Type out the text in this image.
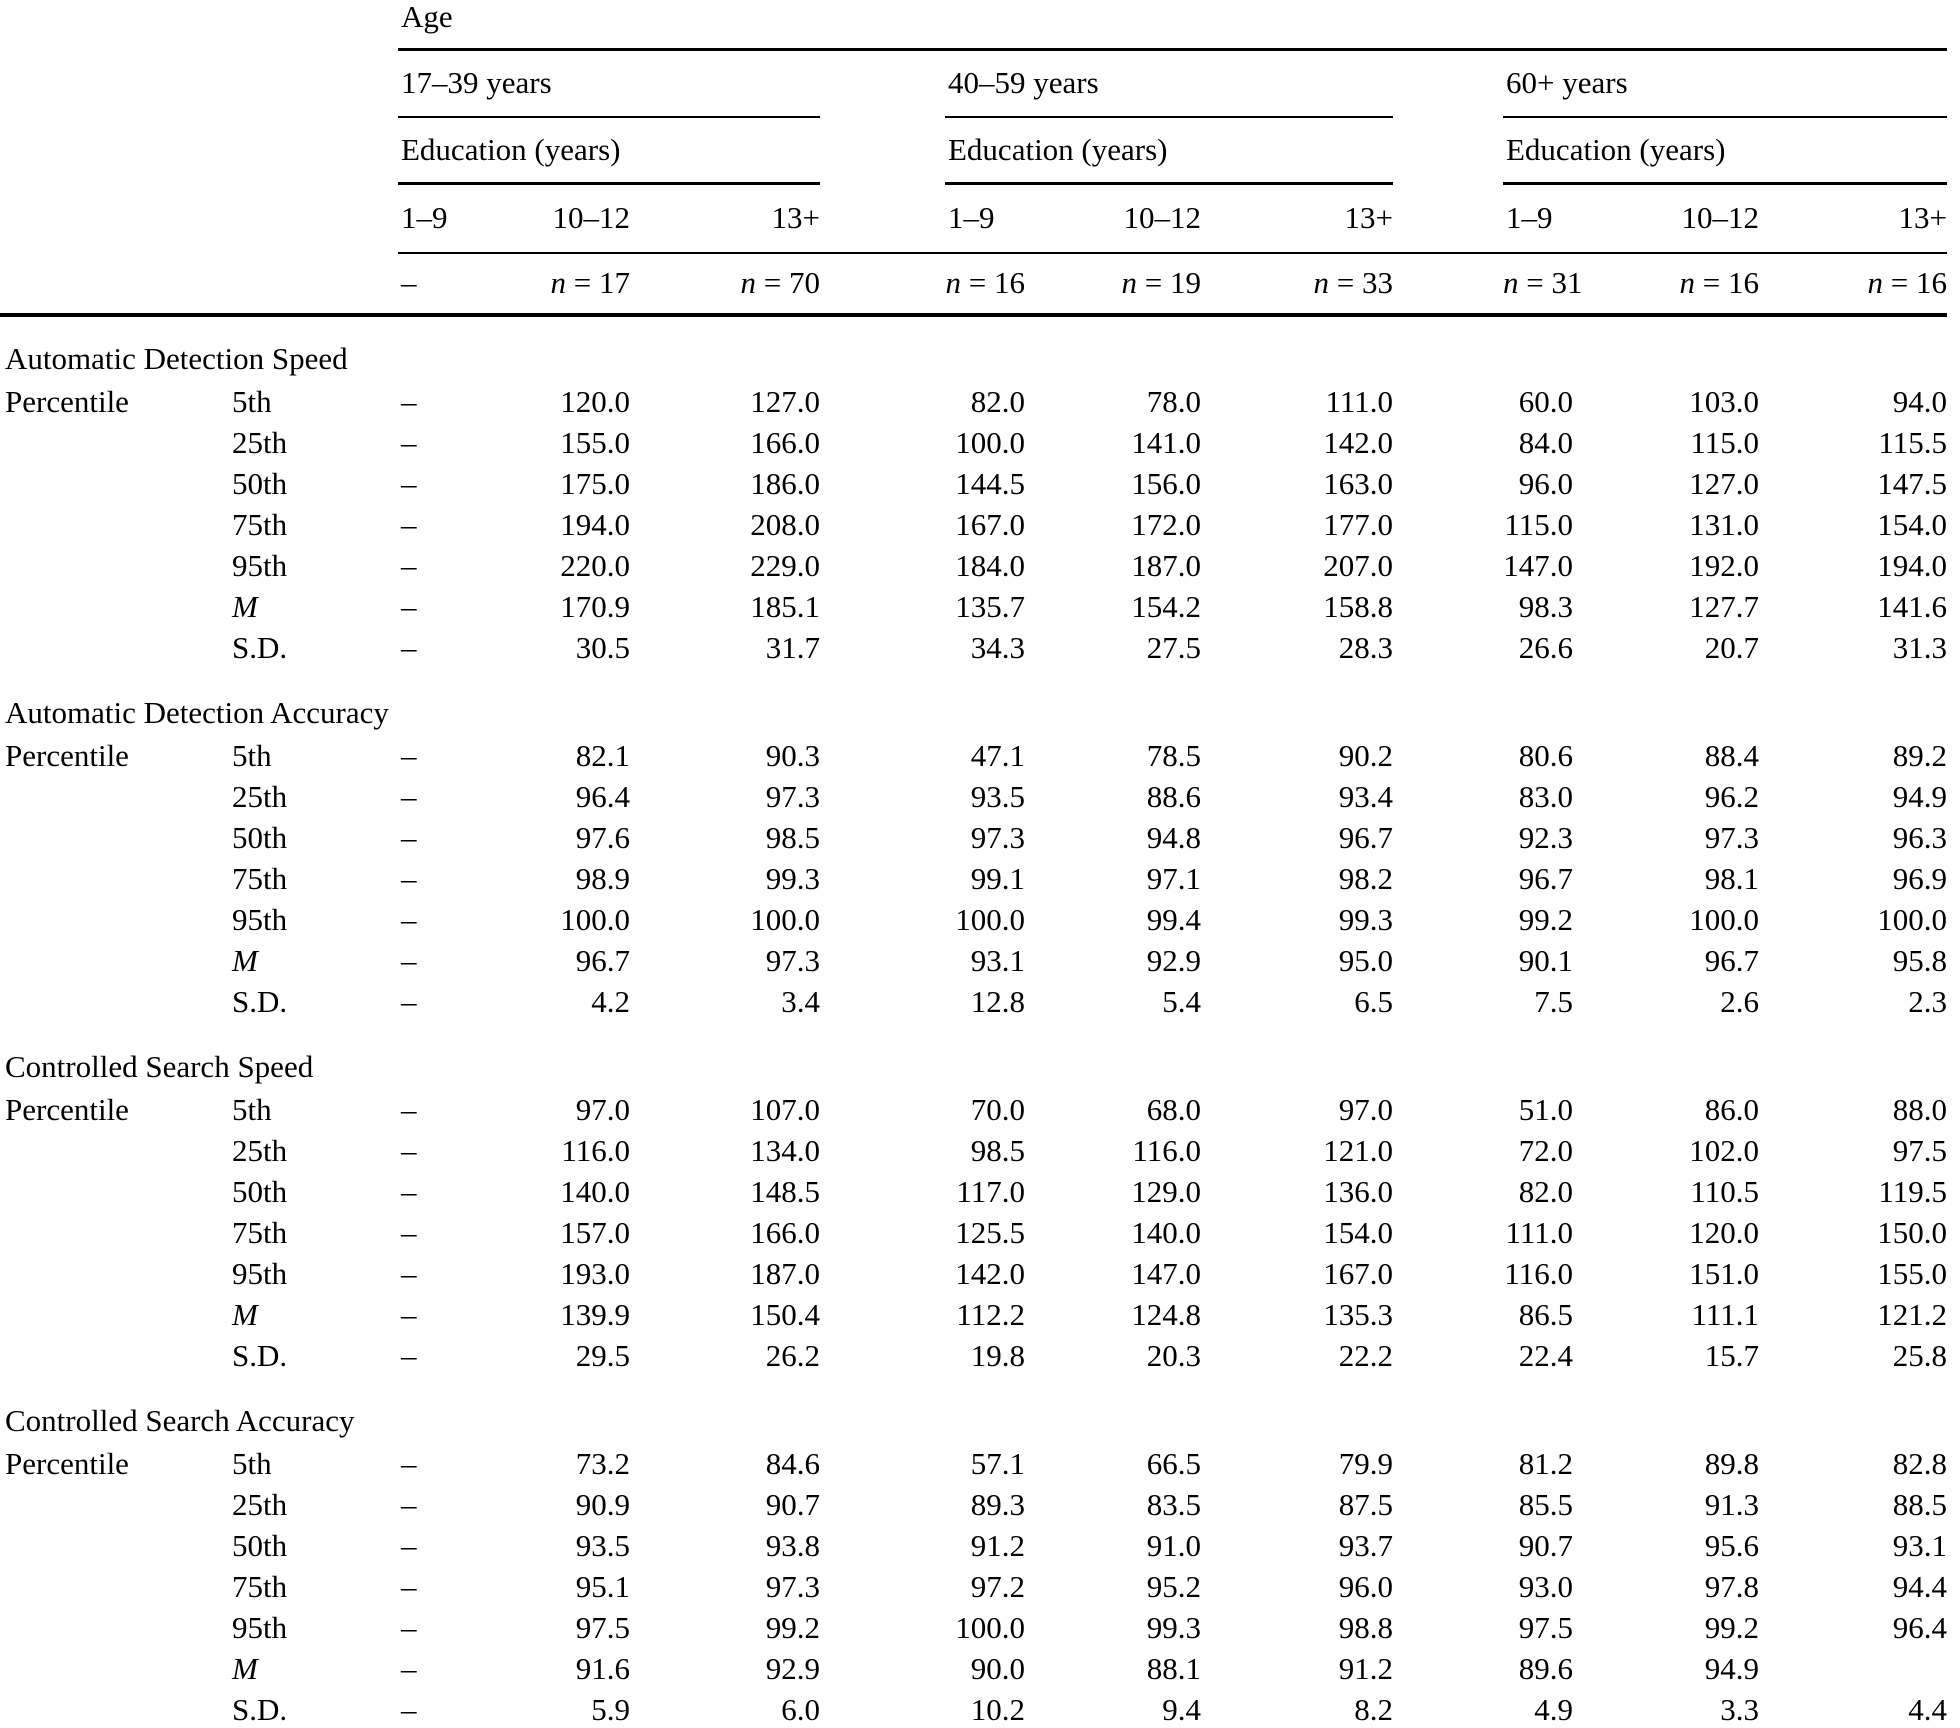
		Age										
		17–39 years				40–59 years				60+ years		
		Education (years)				Education (years)				Education (years)		
		1–9	10–12	13+		1–9	10–12	13+		1–9	10–12	13+
		–	n = 17	n = 70		n = 16	n = 19	n = 33		n = 31	n = 16	n = 16
Automatic Detection Speed												
Percentile	5th	–	120.0	127.0		82.0	78.0	111.0		60.0	103.0	94.0
	25th	–	155.0	166.0		100.0	141.0	142.0		84.0	115.0	115.5
	50th	–	175.0	186.0		144.5	156.0	163.0		96.0	127.0	147.5
	75th	–	194.0	208.0		167.0	172.0	177.0		115.0	131.0	154.0
	95th	–	220.0	229.0		184.0	187.0	207.0		147.0	192.0	194.0
	M	–	170.9	185.1		135.7	154.2	158.8		98.3	127.7	141.6
	S.D.	–	30.5	31.7		34.3	27.5	28.3		26.6	20.7	31.3
Automatic Detection Accuracy												
Percentile	5th	–	82.1	90.3		47.1	78.5	90.2		80.6	88.4	89.2
	25th	–	96.4	97.3		93.5	88.6	93.4		83.0	96.2	94.9
	50th	–	97.6	98.5		97.3	94.8	96.7		92.3	97.3	96.3
	75th	–	98.9	99.3		99.1	97.1	98.2		96.7	98.1	96.9
	95th	–	100.0	100.0		100.0	99.4	99.3		99.2	100.0	100.0
	M	–	96.7	97.3		93.1	92.9	95.0		90.1	96.7	95.8
	S.D.	–	4.2	3.4		12.8	5.4	6.5		7.5	2.6	2.3
Controlled Search Speed												
Percentile	5th	–	97.0	107.0		70.0	68.0	97.0		51.0	86.0	88.0
	25th	–	116.0	134.0		98.5	116.0	121.0		72.0	102.0	97.5
	50th	–	140.0	148.5		117.0	129.0	136.0		82.0	110.5	119.5
	75th	–	157.0	166.0		125.5	140.0	154.0		111.0	120.0	150.0
	95th	–	193.0	187.0		142.0	147.0	167.0		116.0	151.0	155.0
	M	–	139.9	150.4		112.2	124.8	135.3		86.5	111.1	121.2
	S.D.	–	29.5	26.2		19.8	20.3	22.2		22.4	15.7	25.8
Controlled Search Accuracy												
Percentile	5th	–	73.2	84.6		57.1	66.5	79.9		81.2	89.8	82.8
	25th	–	90.9	90.7		89.3	83.5	87.5		85.5	91.3	88.5
	50th	–	93.5	93.8		91.2	91.0	93.7		90.7	95.6	93.1
	75th	–	95.1	97.3		97.2	95.2	96.0		93.0	97.8	94.4
	95th	–	97.5	99.2		100.0	99.3	98.8		97.5	99.2	96.4
	M	–	91.6	92.9		90.0	88.1	91.2		89.6	94.9	
	S.D.	–	5.9	6.0		10.2	9.4	8.2		4.9	3.3	4.4
